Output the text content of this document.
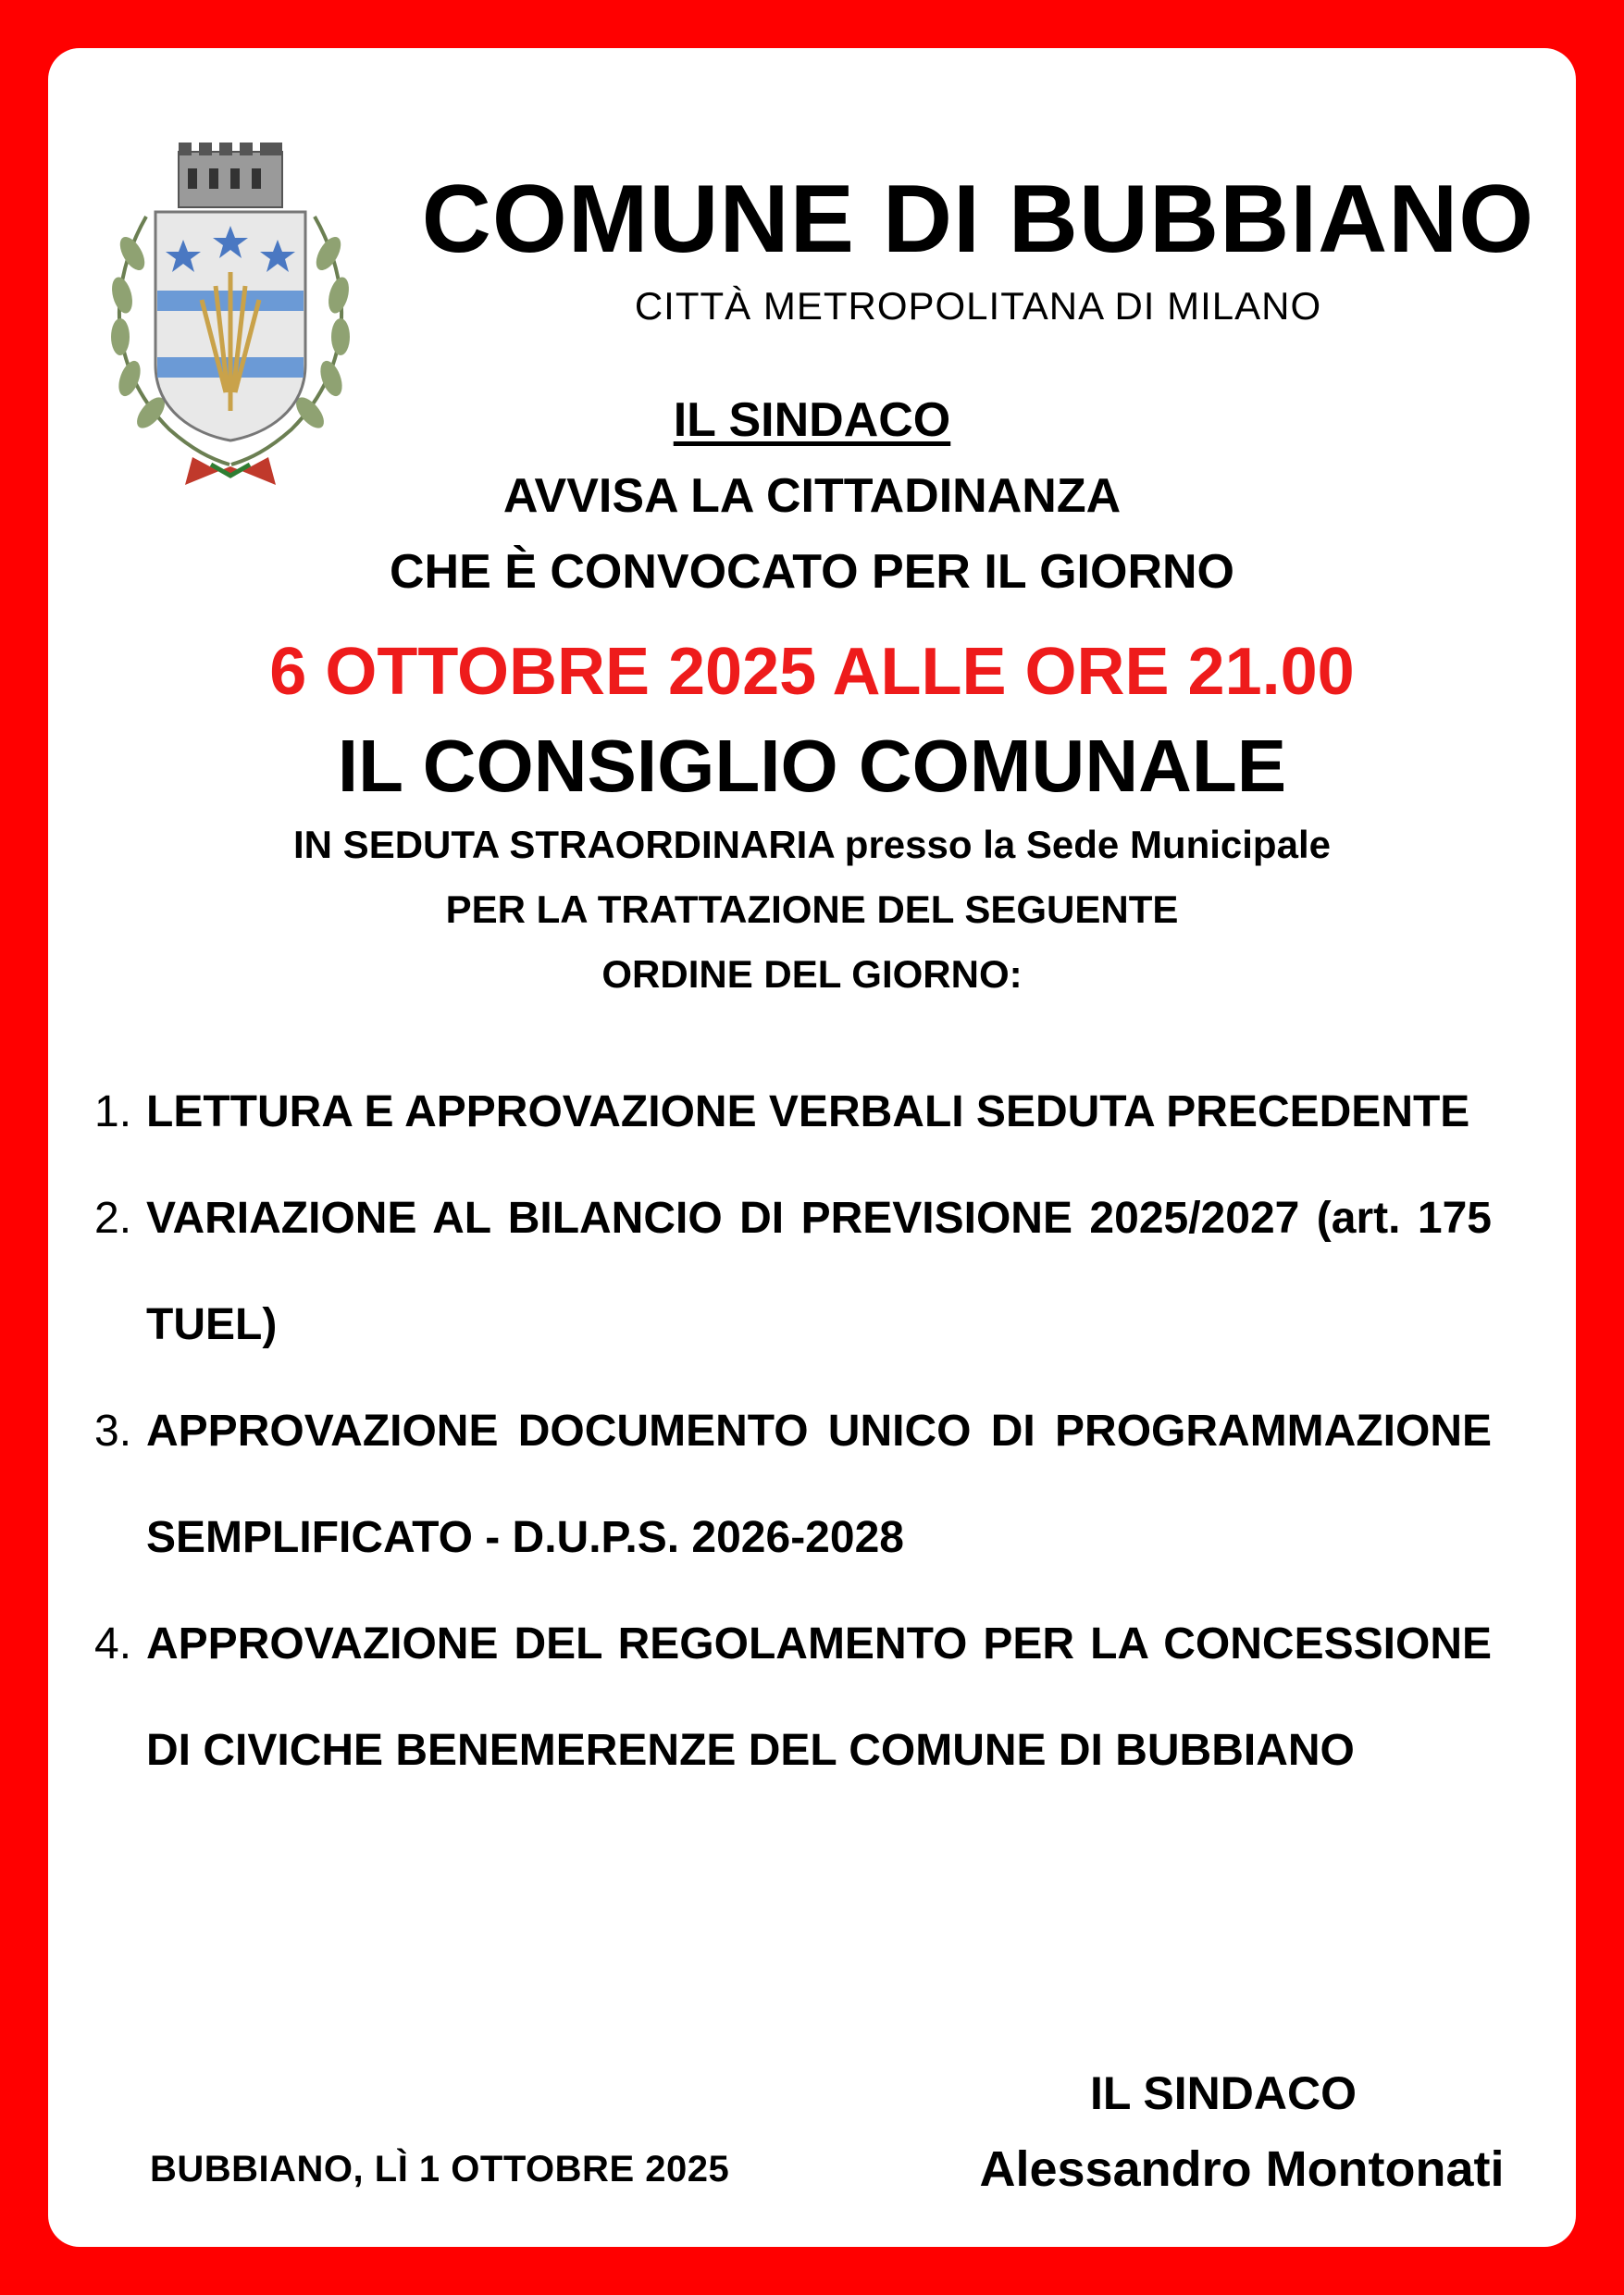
COMUNE DI BUBBIANO
CITTÀ METROPOLITANA DI MILANO
IL SINDACO
AVVISA LA CITTADINANZA
CHE È CONVOCATO PER IL GIORNO
6 OTTOBRE 2025 ALLE ORE 21.00
IL CONSIGLIO COMUNALE
IN SEDUTA STRAORDINARIA presso la Sede Municipale
PER LA TRATTAZIONE DEL SEGUENTE
ORDINE DEL GIORNO:
1. LETTURA E APPROVAZIONE VERBALI SEDUTA PRECEDENTE
2. VARIAZIONE AL BILANCIO DI PREVISIONE 2025/2027 (art. 175 TUEL)
3. APPROVAZIONE DOCUMENTO UNICO DI PROGRAMMAZIONE SEMPLIFICATO - D.U.P.S. 2026-2028
4. APPROVAZIONE DEL REGOLAMENTO PER LA CONCESSIONE DI CIVICHE BENEMERENZE DEL COMUNE DI BUBBIANO
IL SINDACO
BUBBIANO, LÌ 1 OTTOBRE 2025	Alessandro Montonati
